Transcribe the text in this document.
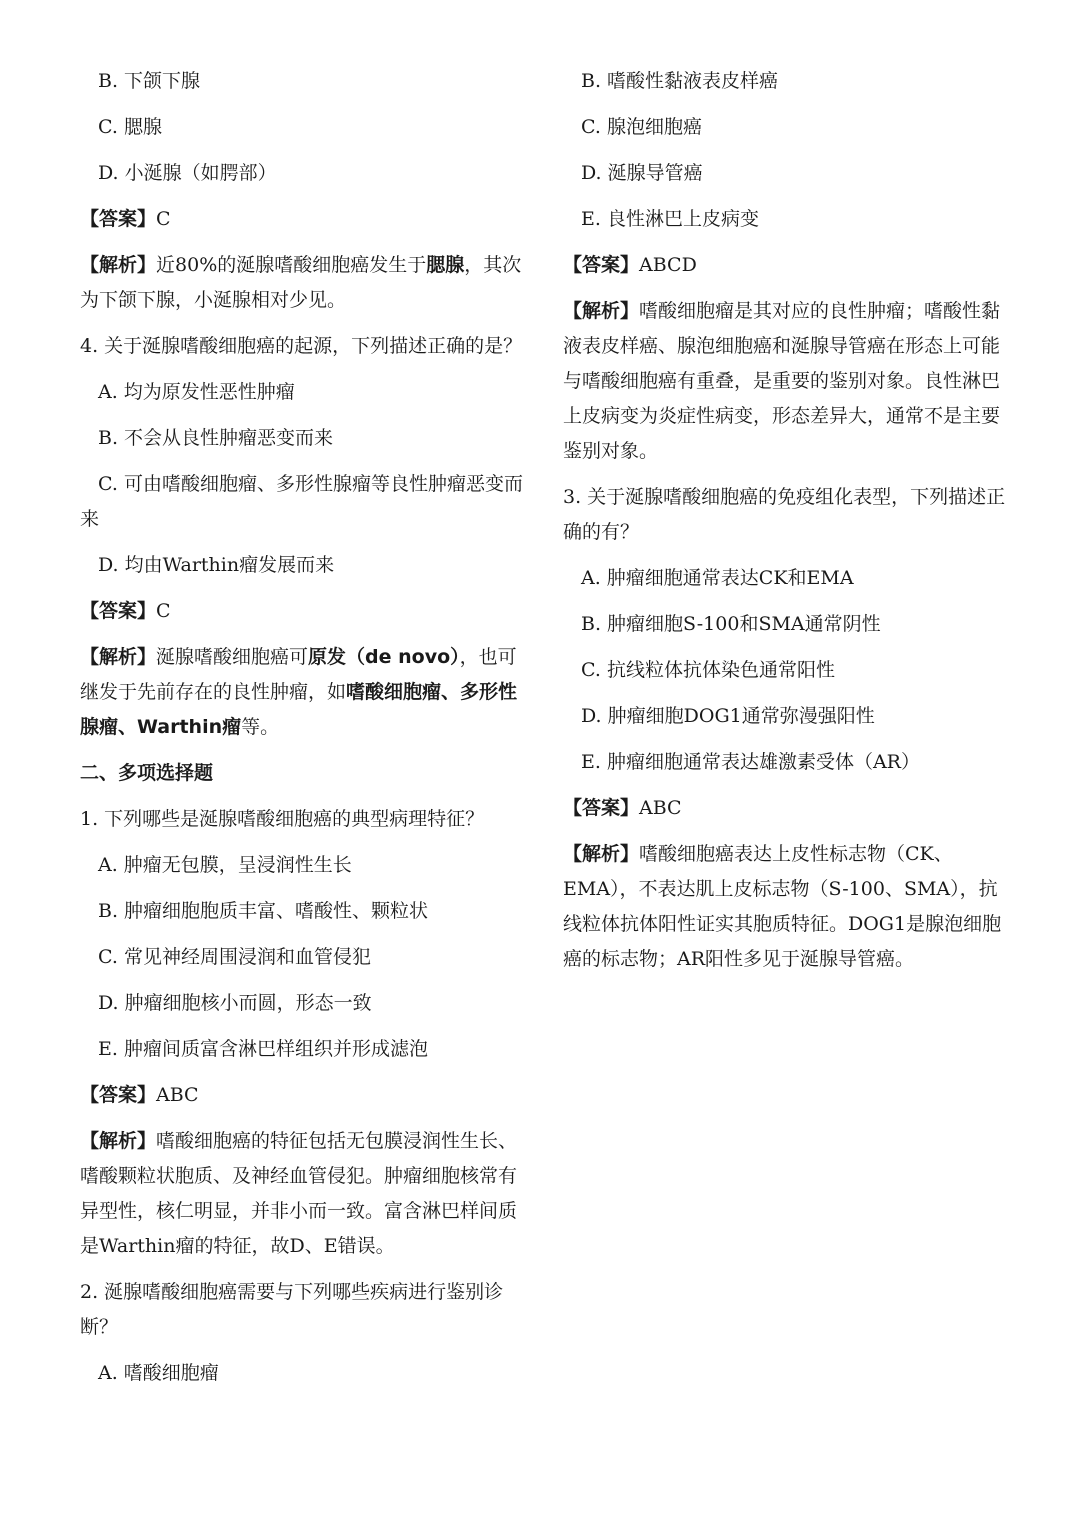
B. 下颌下腺
C. 腮腺
D. 小涎腺（如腭部）
【答案】C
【解析】近80%的涎腺嗜酸细胞癌发生于腮腺，其次为下颌下腺，小涎腺相对少见。
4. 关于涎腺嗜酸细胞癌的起源，下列描述正确的是？
A. 均为原发性恶性肿瘤
B. 不会从良性肿瘤恶变而来
C. 可由嗜酸细胞瘤、多形性腺瘤等良性肿瘤恶变而来
D. 均由Warthin瘤发展而来
【答案】C
【解析】涎腺嗜酸细胞癌可原发（de novo），也可继发于先前存在的良性肿瘤，如嗜酸细胞瘤、多形性腺瘤、Warthin瘤等。
二、多项选择题
1. 下列哪些是涎腺嗜酸细胞癌的典型病理特征？
A. 肿瘤无包膜，呈浸润性生长
B. 肿瘤细胞胞质丰富、嗜酸性、颗粒状
C. 常见神经周围浸润和血管侵犯
D. 肿瘤细胞核小而圆，形态一致
E. 肿瘤间质富含淋巴样组织并形成滤泡
【答案】ABC
【解析】嗜酸细胞癌的特征包括无包膜浸润性生长、嗜酸颗粒状胞质、及神经血管侵犯。肿瘤细胞核常有异型性，核仁明显，并非小而一致。富含淋巴样间质是Warthin瘤的特征，故D、E错误。
2. 涎腺嗜酸细胞癌需要与下列哪些疾病进行鉴别诊断？
A. 嗜酸细胞瘤
B. 嗜酸性黏液表皮样癌
C. 腺泡细胞癌
D. 涎腺导管癌
E. 良性淋巴上皮病变
【答案】ABCD
【解析】嗜酸细胞瘤是其对应的良性肿瘤；嗜酸性黏液表皮样癌、腺泡细胞癌和涎腺导管癌在形态上可能与嗜酸细胞癌有重叠，是重要的鉴别对象。良性淋巴上皮病变为炎症性病变，形态差异大，通常不是主要鉴别对象。
3. 关于涎腺嗜酸细胞癌的免疫组化表型，下列描述正确的有？
A. 肿瘤细胞通常表达CK和EMA
B. 肿瘤细胞S-100和SMA通常阴性
C. 抗线粒体抗体染色通常阳性
D. 肿瘤细胞DOG1通常弥漫强阳性
E. 肿瘤细胞通常表达雄激素受体（AR）
【答案】ABC
【解析】嗜酸细胞癌表达上皮性标志物（CK、EMA），不表达肌上皮标志物（S-100、SMA），抗线粒体抗体阳性证实其胞质特征。DOG1是腺泡细胞癌的标志物；AR阳性多见于涎腺导管癌。
